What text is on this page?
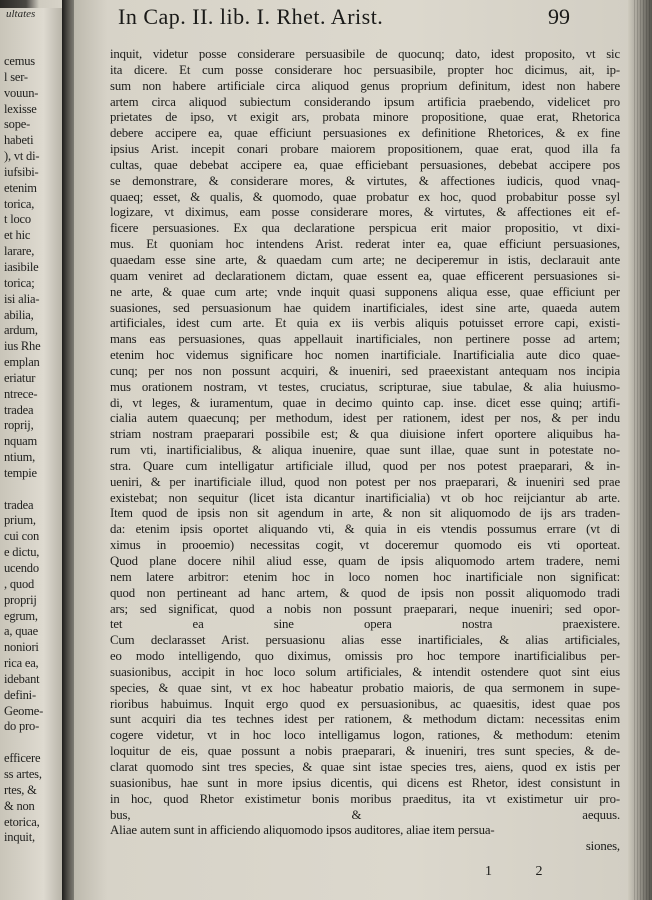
ultates
cemus
l ser-
vouun-
lexisse
sope-
habeti
), vt di-
iufsibi-
etenim
torica,
t loco
et hic
larare,
iasibile
torica;
isi alia-
abilia,
ardum,
ius Rhe
emplan
eriatur
ntrece-
tradea
roprij,
nquam
ntium,
tempie
tradea
prium,
cui con
e dictu,
ucendo
, quod
proprij
egrum,
a, quae
noniori
rica ea,
idebant
defini-
Geome-
do pro-
efficere
ss artes,
rtes, &
& non
etorica,
inquit,
In Cap. II. lib. I. Rhet. Arist.	99
inquit, videtur posse considerare persuasibile de quocunq; dato, idest proposito, vt sic
ita dicere. Et cum posse considerare hoc persuasibile, propter hoc dicimus, ait, ip-
sum non habere artificiale circa aliquod genus proprium definitum, idest non habere
artem circa aliquod subiectum considerando ipsum artificia praebendo, videlicet pro
prietates de ipso, vt exigit ars, probata minore propositione, quae erat, Rhetorica
debere accipere ea, quae efficiunt persuasiones ex definitione Rhetorices, & ex fine
ipsius Arist. incepit conari probare maiorem propositionem, quae erat, quod illa fa
cultas, quae debebat accipere ea, quae efficiebant persuasiones, debebat accipere pos
se demonstrare, & considerare mores, & virtutes, & affectiones iudicis, quod vnaq-
quaeq; esset, & qualis, & quomodo, quae probatur ex hoc, quod probabitur posse syl
logizare, vt diximus, eam posse considerare mores, & virtutes, & affectiones eit ef-
ficere persuasiones. Ex qua declaratione perspicua erit maior propositio, vt dixi-
mus. Et quoniam hoc intendens Arist. rederat inter ea, quae efficiunt persuasiones,
quaedam esse sine arte, & quaedam cum arte; ne deciperemur in istis, declarauit ante
quam veniret ad declarationem dictam, quae essent ea, quae efficerent persuasiones si-
ne arte, & quae cum arte; vnde inquit quasi supponens aliqua esse, quae efficiunt per
suasiones, sed persuasionum hae quidem inartificiales, idest sine arte, quaeda autem
artificiales, idest cum arte. Et quia ex iis verbis aliquis potuisset errore capi, existi-
mans eas persuasiones, quas appellauit inartificiales, non pertinere posse ad artem;
etenim hoc videmus significare hoc nomen inartificiale. Inartificialia aute dico quae-
cunq; per nos non possunt acquiri, & inueniri, sed praeexistant antequam nos incipia
mus orationem nostram, vt testes, cruciatus, scripturae, siue tabulae, & alia huiusmo-
di, vt leges, & iuramentum, quae in decimo quinto cap. inse. dicet esse quinq; artifi-
cialia autem quaecunq; per methodum, idest per rationem, idest per nos, & per indu
striam nostram praeparari possibile est; & qua diuisione infert oportere aliquibus ha-
rum vti, inartificialibus, & aliqua inuenire, quae sunt illae, quae sunt in potestate no-
stra. Quare cum intelligatur artificiale illud, quod per nos potest praeparari, & in-
ueniri, & per inartificiale illud, quod non potest per nos praeparari, & inueniri sed prae
existebat; non sequitur (licet ista dicantur inartificialia) vt ob hoc reijciantur ab arte.
Item quod de ipsis non sit agendum in arte, & non sit aliquomodo de ijs ars traden-
da: etenim ipsis oportet aliquando vti, & quia in eis vtendis possumus errare (vt di
ximus in prooemio) necessitas cogit, vt doceremur quomodo eis vti oporteat.
Quod plane docere nihil aliud esse, quam de ipsis aliquomodo artem tradere, nemi
nem latere arbitror: etenim hoc in loco nomen hoc inartificiale non significat:
quod non pertineant ad hanc artem, & quod de ipsis non possit aliquomodo tradi
ars; sed significat, quod a nobis non possunt praeparari, neque inueniri; sed opor-
tet ea sine opera nostra praexistere.
Cum declarasset Arist. persuasionu alias esse inartificiales, & alias artificiales,
eo modo intelligendo, quo diximus, omissis pro hoc tempore inartificialibus per-
suasionibus, accipit in hoc loco solum artificiales, & intendit ostendere quot sint eius
species, & quae sint, vt ex hoc habeatur probatio maioris, de qua sermonem in supe-
rioribus habuimus. Inquit ergo quod ex persuasionibus, ac quaesitis, idest quae pos
sunt acquiri dia tes technes idest per rationem, & methodum dictam: necessitas enim
cogere videtur, vt in hoc loco intelligamus logon, rationes, & methodum: etenim
loquitur de eis, quae possunt a nobis praeparari, & inueniri, tres sunt species, & de-
clarat quomodo sint tres species, & quae sint istae species tres, aiens, quod ex istis per
suasionibus, hae sunt in more ipsius dicentis, qui dicens est Rhetor, idest consistunt in
in hoc, quod Rhetor existimetur bonis moribus praeditus, ita vt existimetur uir pro-
bus, & aequus.
Aliae autem sunt in afficiendo aliquomodo ipsos auditores, aliae item persua-
siones,
1 2
